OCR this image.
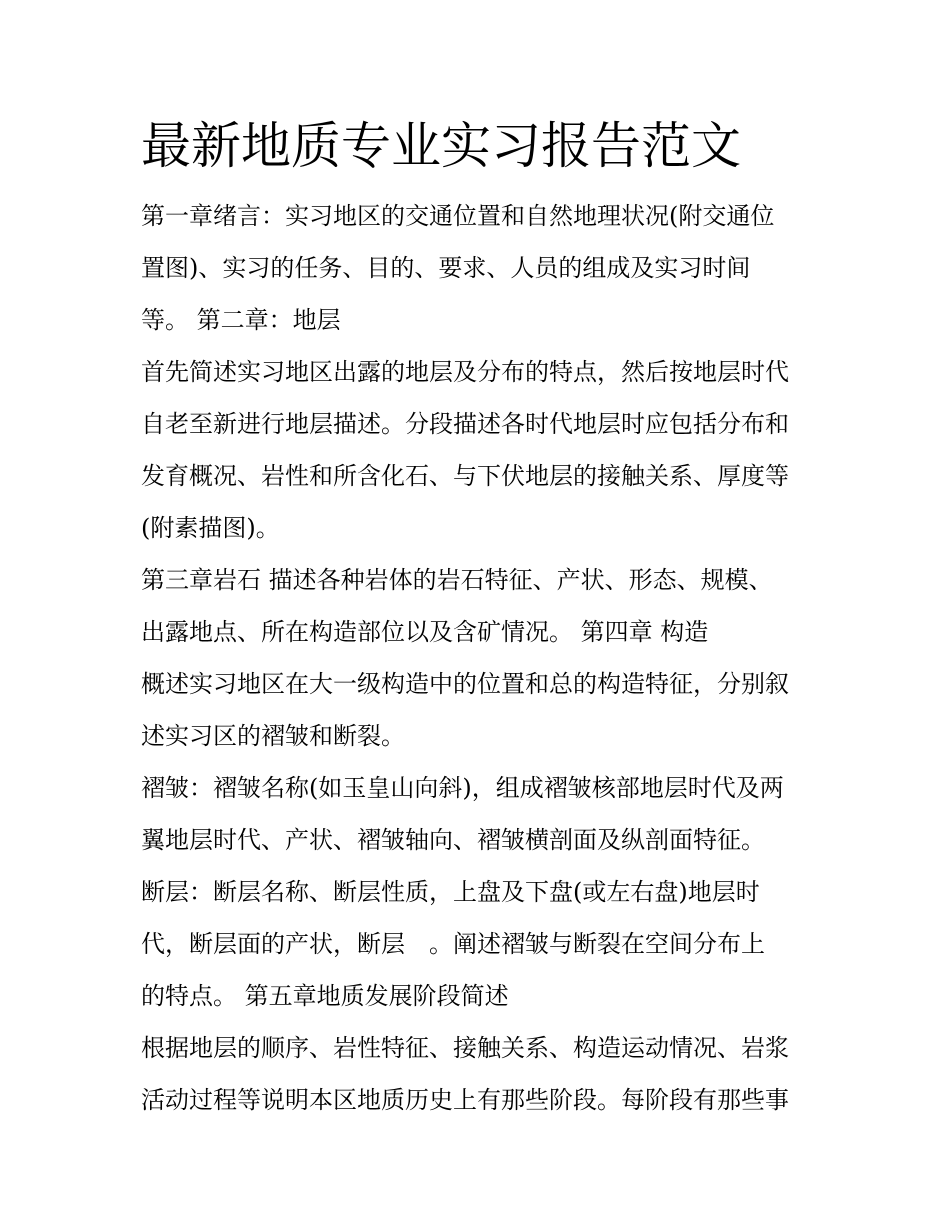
最新地质专业实习报告范文
第一章绪言：实习地区的交通位置和自然地理状况(附交通位
置图)、实习的任务、目的、要求、人员的组成及实习时间
等。 第二章：地层
首先简述实习地区出露的地层及分布的特点，然后按地层时代
自老至新进行地层描述。分段描述各时代地层时应包括分布和
发育概况、岩性和所含化石、与下伏地层的接触关系、厚度等
(附素描图)。
第三章岩石 描述各种岩体的岩石特征、产状、形态、规模、
出露地点、所在构造部位以及含矿情况。 第四章 构造
概述实习地区在大一级构造中的位置和总的构造特征，分别叙
述实习区的褶皱和断裂。
褶皱：褶皱名称(如玉皇山向斜)，组成褶皱核部地层时代及两
翼地层时代、产状、褶皱轴向、褶皱横剖面及纵剖面特征。
断层：断层名称、断层性质，上盘及下盘(或左右盘)地层时
代，断层面的产状，断层　。阐述褶皱与断裂在空间分布上
的特点。 第五章地质发展阶段简述
根据地层的顺序、岩性特征、接触关系、构造运动情况、岩浆
活动过程等说明本区地质历史上有那些阶段。每阶段有那些事
